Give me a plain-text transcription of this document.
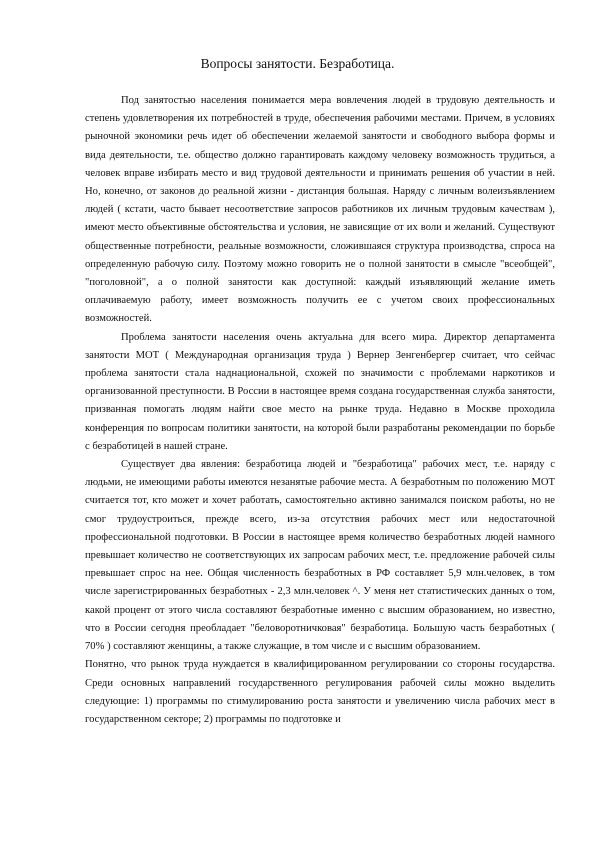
Вопросы занятости. Безработица.

Под занятостью населения понимается мера вовлечения людей в трудовую деятельность и степень удовлетворения их потребностей в труде, обеспечения рабочими местами. Причем, в условиях рыночной экономики речь идет об обеспечении желаемой занятости и свободного выбора формы и вида деятельности, т.е. общество должно гарантировать каждому человеку возможность трудиться, а человек вправе избирать место и вид трудовой деятельности и принимать решения об участии в ней. Но, конечно, от законов до реальной жизни - дистанция большая. Наряду с личным волеизъявлением людей ( кстати, часто бывает несоответствие запросов работников их личным трудовым качествам ), имеют место объективные обстоятельства и условия, не зависящие от их воли и желаний. Существуют общественные потребности, реальные возможности, сложившаяся структура производства, спроса на определенную рабочую силу. Поэтому можно говорить не о полной занятости в смысле "всеобщей", "поголовной", а о полной занятости как доступной: каждый изъявляющий желание иметь оплачиваемую работу, имеет возможность получить ее с учетом своих профессиональных возможностей.

Проблема занятости населения очень актуальна для всего мира. Директор департамента занятости МОТ ( Международная организация труда ) Вернер Зенгенбергер считает, что сейчас проблема занятости стала наднациональной, схожей по значимости с проблемами наркотиков и организованной преступности. В России в настоящее время создана государственная служба занятости, призванная помогать людям найти свое место на рынке труда. Недавно в Москве проходила конференция по вопросам политики занятости, на которой были разработаны рекомендации по борьбе с безработицей в нашей стране.

Существует два явления: безработица людей и "безработица" рабочих мест, т.е. наряду с людьми, не имеющими работы имеются незанятые рабочие места. А безработным по положению МОТ считается тот, кто может и хочет работать, самостоятельно активно занимался поиском работы, но не смог трудоустроиться, прежде всего, из-за отсутствия рабочих мест или недостаточной профессиональной подготовки. В России в настоящее время количество безработных людей намного превышает количество не соответствующих их запросам рабочих мест, т.е. предложение рабочей силы превышает спрос на нее. Общая численность безработных в РФ составляет 5,9 млн.человек, в том числе зарегистрированных безработных - 2,3 млн.человек ^. У меня нет статистических данных о том, какой процент от этого числа составляют безработные именно с высшим образованием, но известно, что в России сегодня преобладает "беловоротничковая" безработица. Большую часть безработных ( 70% ) составляют женщины, а также служащие, в том числе и с высшим образованием.

Понятно, что рынок труда нуждается в квалифицированном регулировании со стороны государства. Среди основных направлений государственного регулирования рабочей силы можно выделить следующие: 1) программы по стимулированию роста занятости и увеличению числа рабочих мест в государственном секторе; 2) программы по подготовке и
